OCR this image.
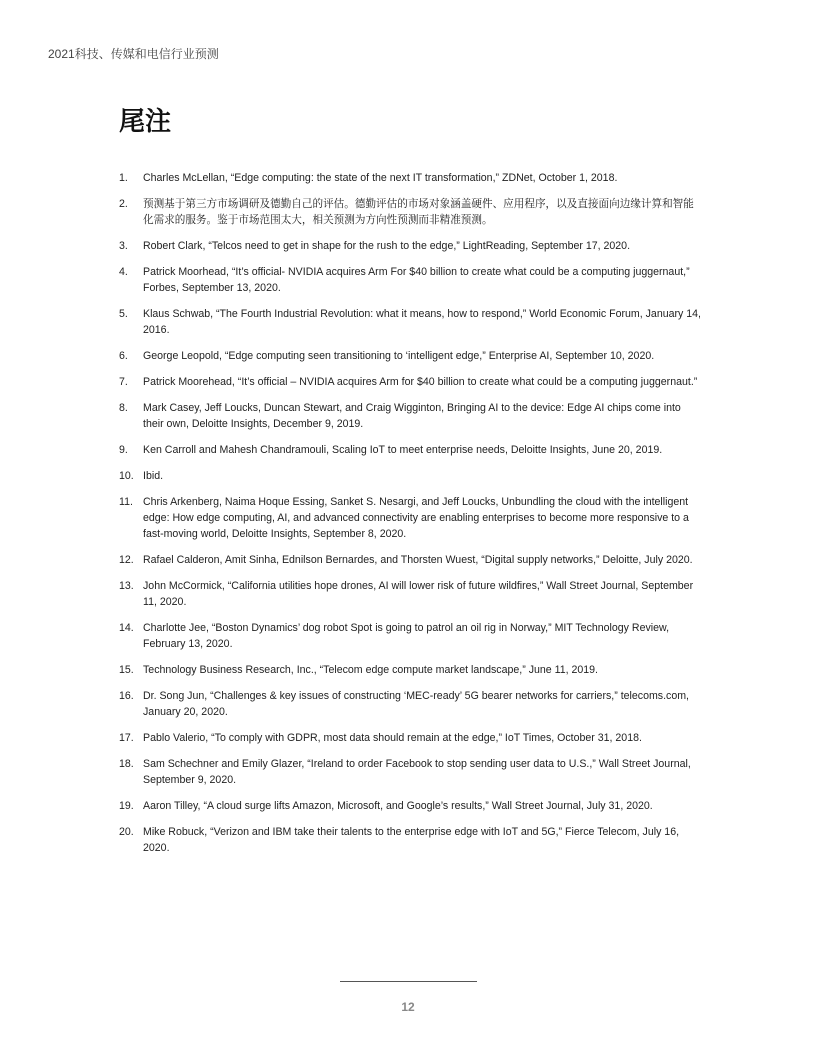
2021科技、传媒和电信行业预测
尾注
1.	Charles McLellan, “Edge computing: the state of the next IT transformation,” ZDNet, October 1, 2018.
2.	预测基于第三方市场调研及德勤自己的评估。德勤评估的市场对象涵盖硬件、应用程序，以及直接面向边缘计算和智能化需求的服务。鉴于市场范围太大，相关预测为方向性预测而非精准预测。
3.	Robert Clark, “Telcos need to get in shape for the rush to the edge,” LightReading, September 17, 2020.
4.	Patrick Moorhead, “It’s official- NVIDIA acquires Arm For $40 billion to create what could be a computing juggernaut,” Forbes, September 13, 2020.
5.	Klaus Schwab, “The Fourth Industrial Revolution: what it means, how to respond,” World Economic Forum, January 14, 2016.
6.	George Leopold, “Edge computing seen transitioning to ‘intelligent edge,” Enterprise AI, September 10, 2020.
7.	Patrick Moorehead, “It’s official – NVIDIA acquires Arm for $40 billion to create what could be a computing juggernaut.”
8.	Mark Casey, Jeff Loucks, Duncan Stewart, and Craig Wigginton, Bringing AI to the device: Edge AI chips come into their own, Deloitte Insights, December 9, 2019.
9.	Ken Carroll and Mahesh Chandramouli, Scaling IoT to meet enterprise needs, Deloitte Insights, June 20, 2019.
10. Ibid.
11. Chris Arkenberg, Naima Hoque Essing, Sanket S. Nesargi, and Jeff Loucks, Unbundling the cloud with the intelligent edge: How edge computing, AI, and advanced connectivity are enabling enterprises to become more responsive to a fast-moving world, Deloitte Insights, September 8, 2020.
12. Rafael Calderon, Amit Sinha, Ednilson Bernardes, and Thorsten Wuest, “Digital supply networks,” Deloitte, July 2020.
13. John McCormick, “California utilities hope drones, AI will lower risk of future wildfires,” Wall Street Journal, September 11, 2020.
14. Charlotte Jee, “Boston Dynamics’ dog robot Spot is going to patrol an oil rig in Norway,” MIT Technology Review, February 13, 2020.
15. Technology Business Research, Inc., “Telecom edge compute market landscape,” June 11, 2019.
16. Dr. Song Jun, “Challenges & key issues of constructing ‘MEC-ready’ 5G bearer networks for carriers,” telecoms.com, January 20, 2020.
17. Pablo Valerio, “To comply with GDPR, most data should remain at the edge,” IoT Times, October 31, 2018.
18. Sam Schechner and Emily Glazer, “Ireland to order Facebook to stop sending user data to U.S.,” Wall Street Journal, September 9, 2020.
19. Aaron Tilley, “A cloud surge lifts Amazon, Microsoft, and Google’s results,” Wall Street Journal, July 31, 2020.
20. Mike Robuck, “Verizon and IBM take their talents to the enterprise edge with IoT and 5G,” Fierce Telecom, July 16, 2020.
12
